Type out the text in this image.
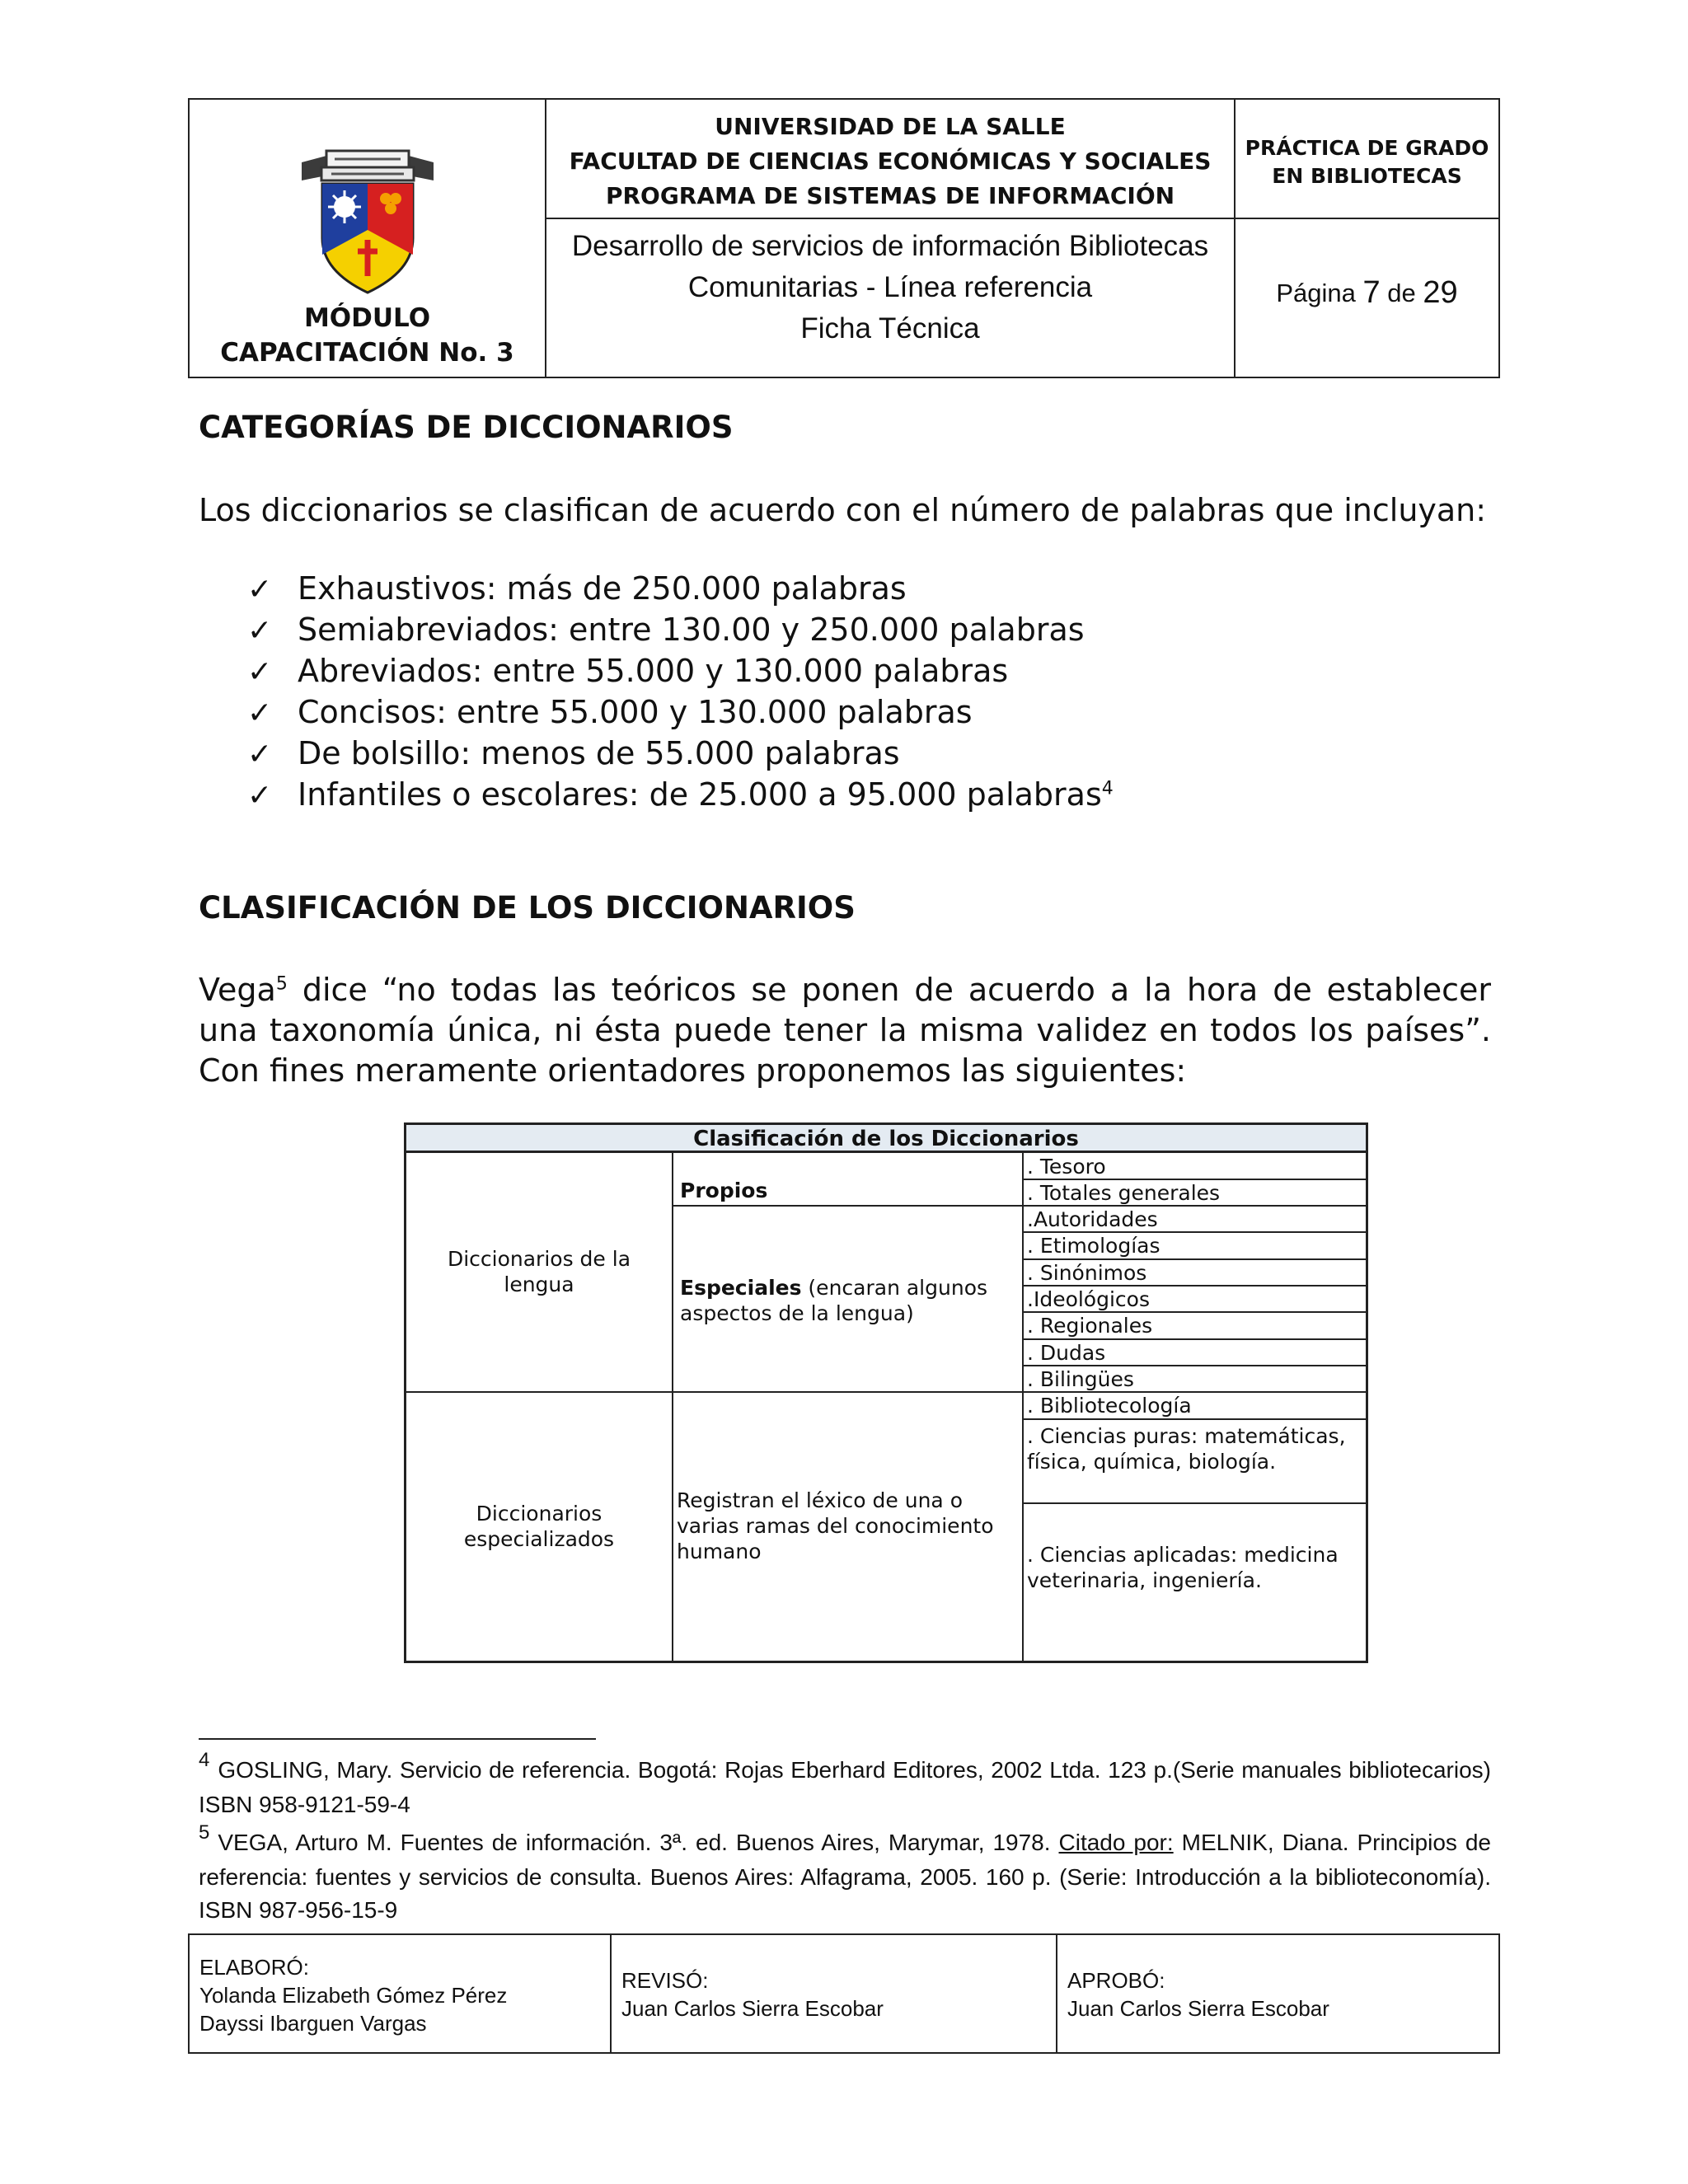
MÓDULO
CAPACITACIÓN No. 3
UNIVERSIDAD DE LA SALLE
FACULTAD DE CIENCIAS ECONÓMICAS Y SOCIALES
PROGRAMA DE SISTEMAS DE INFORMACIÓN
PRÁCTICA DE GRADO
EN BIBLIOTECAS
Desarrollo de servicios de información Bibliotecas
Comunitarias - Línea referencia
Ficha Técnica
Página
7
de
29
CATEGORÍAS DE DICCIONARIOS
Los diccionarios se clasifican de acuerdo con el número de palabras que incluyan:
✓ Exhaustivos: más de 250.000 palabras
✓ Semiabreviados: entre 130.00 y 250.000 palabras
✓ Abreviados: entre 55.000 y 130.000 palabras
✓ Concisos: entre 55.000 y 130.000 palabras
✓ De bolsillo: menos de 55.000 palabras
✓ Infantiles o escolares: de 25.000 a 95.000 palabras$^4$
CLASIFICACIÓN DE LOS DICCIONARIOS
Vega$^5$ dice “no todas las teóricos se ponen de acuerdo a la hora de establecer una taxonomía única, ni ésta puede tener la misma validez en todos los países”. Con fines meramente orientadores proponemos las siguientes:
Clasificación de los Diccionarios
Diccionarios de la lengua
Diccionarios especializados
Propios
Especiales (encaran algunos aspectos de la lengua)
Registran el léxico de una o varias ramas del conocimiento humano
. Tesoro
. Totales generales
.Autoridades
. Etimologías
. Sinónimos
.Ideológicos
. Regionales
. Dudas
. Bilingües
. Bibliotecología
. Ciencias puras: matemáticas, física, química, biología.
. Ciencias aplicadas: medicina veterinaria, ingeniería.
4 GOSLING, Mary. Servicio de referencia. Bogotá: Rojas Eberhard Editores, 2002 Ltda. 123 p.(Serie manuales bibliotecarios) ISBN 958-9121-59-4
5 VEGA, Arturo M. Fuentes de información. 3ª. ed. Buenos Aires, Marymar, 1978. Citado por: MELNIK, Diana. Principios de referencia: fuentes y servicios de consulta. Buenos Aires: Alfagrama, 2005. 160 p. (Serie: Introducción a la biblioteconomía). ISBN 987-956-15-9
ELABORÓ:
Yolanda Elizabeth Gómez Pérez
Dayssi Ibarguen Vargas
REVISÓ:
Juan Carlos Sierra Escobar
APROBÓ:
Juan Carlos Sierra Escobar
